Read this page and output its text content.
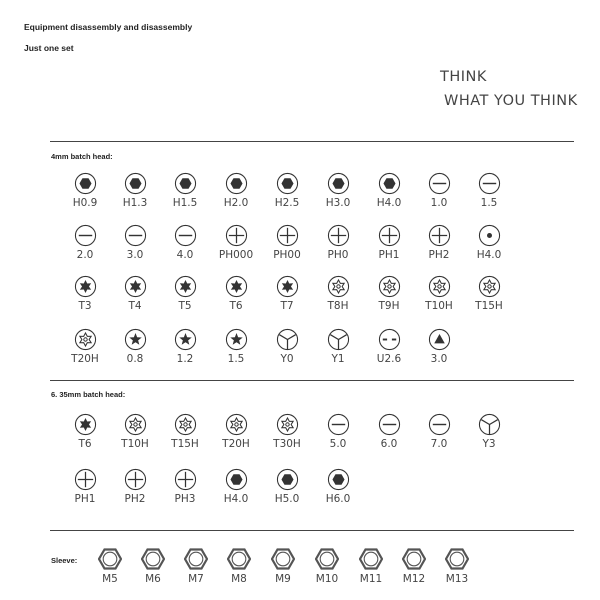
Equipment disassembly and disassembly
Just one set
THINK
WHAT YOU THINK
4mm batch head:
H0.9	H1.3	H1.5	H2.0	H2.5	H3.0	H4.0	1.0	1.5
2.0	3.0	4.0	PH000	PH00	PH0	PH1	PH2	H4.0
T3	T4	T5	T6	T7	T8H	T9H	T10H	T15H
T20H	0.8	1.2	1.5	Y0	Y1	U2.6	3.0
6. 35mm batch head:
T6	T10H	T15H	T20H	T30H	5.0	6.0	7.0	Y3
PH1	PH2	PH3	H4.0	H5.0	H6.0
Sleeve:
M5	M6	M7	M8	M9	M10	M11	M12	M13
